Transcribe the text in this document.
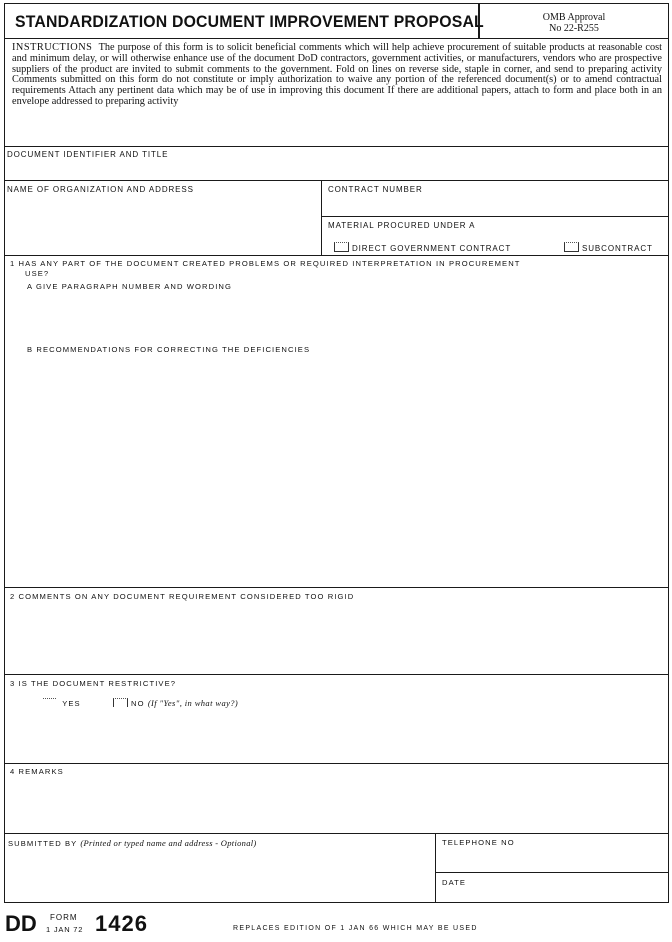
STANDARDIZATION DOCUMENT IMPROVEMENT PROPOSAL	OMB Approval
No 22-R255
INSTRUCTIONS The purpose of this form is to solicit beneficial comments which will help achieve procurement of suitable products at reasonable cost and minimum delay, or will otherwise enhance use of the document DoD contractors, government activities, or manufacturers, vendors who are prospective suppliers of the product are invited to submit comments to the government. Fold on lines on reverse side, staple in corner, and send to preparing activity Comments submitted on this form do not constitute or imply authorization to waive any portion of the referenced document(s) or to amend contractual requirements Attach any pertinent data which may be of use in improving this document If there are additional papers, attach to form and place both in an envelope addressed to preparing activity
DOCUMENT IDENTIFIER AND TITLE
NAME OF ORGANIZATION AND ADDRESS	CONTRACT NUMBER
MATERIAL PROCURED UNDER A
DIRECT GOVERNMENT CONTRACT	SUBCONTRACT
1 HAS ANY PART OF THE DOCUMENT CREATED PROBLEMS OR REQUIRED INTERPRETATION IN PROCUREMENT
USE?
A GIVE PARAGRAPH NUMBER AND WORDING
B RECOMMENDATIONS FOR CORRECTING THE DEFICIENCIES
2 COMMENTS ON ANY DOCUMENT REQUIREMENT CONSIDERED TOO RIGID
3 IS THE DOCUMENT RESTRICTIVE?
YES	NO (If "Yes", in what way?)
4 REMARKS
SUBMITTED BY (Printed or typed name and address - Optional)	TELEPHONE NO
DATE
DD FORM
1 JAN 72 1426	REPLACES EDITION OF 1 JAN 66 WHICH MAY BE USED
